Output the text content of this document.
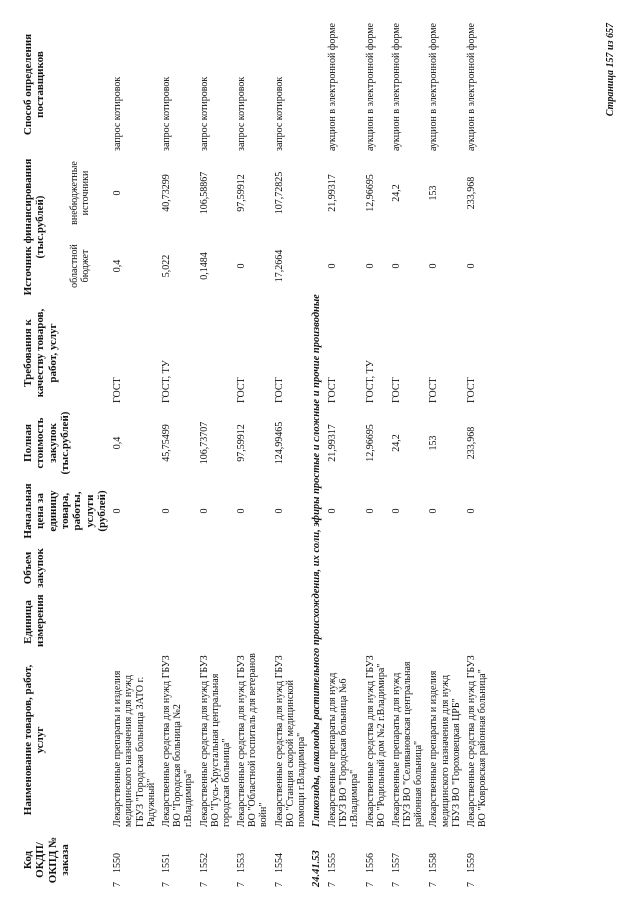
Код ОКДП/ ОКПД № заказа	Наименование товаров, работ, услуг	Единица измерения	Объем закупок	Начальная цена за единицу товара, работы, услуги (рублей)	Полная стоимость закупок (тыс.рублей)	Требования к качеству товаров, работ, услуг	Источник финансирования (тыс.рублей)		Способ определения поставщиков
							областной бюджет	внебюджетные источники	
71550	Лекарственные препараты и изделия медицинского назначения для нужд ГБУЗ "Городская больница ЗАТО г. Радужный"			0	0,4	ГОСТ	0,4	0	запрос котировок
71551	Лекарственные средства для нужд ГБУЗ ВО "Городская больница №2 г.Владимира"			0	45,75499	ГОСТ, ТУ	5,022	40,73299	запрос котировок
71552	Лекарственные средства для нужд ГБУЗ ВО "Гусь-Хрустальная центральная городская больница"			0	106,73707		0,1484	106,58867	запрос котировок
71553	Лекарственные средства для нужд ГБУЗ ВО "Областной госпиталь для ветеранов войн"			0	97,59912	ГОСТ	0	97,59912	запрос котировок
71554	Лекарственные средства для нужд ГБУЗ ВО "Станция скорой медицинской помощи г.Владимира"			0	124,99465	ГОСТ	17,2664	107,72825	запрос котировок
24.41.53	Гликозиды, алкалоиды растительного происхождения, их соли, эфиры простые и сложные и прочие производные								
71555	Лекарственные препараты для нужд ГБУЗ ВО "Городская больница №6 г.Владимира"			0	21,99317	ГОСТ	0	21,99317	аукцион в электронной форме
71556	Лекарственные средства для нужд ГБУЗ ВО "Родильный дом №2 г.Владимира"			0	12,96695	ГОСТ, ТУ	0	12,96695	аукцион в электронной форме
71557	Лекарственные препараты для нужд ГБУЗ ВО "Селивановская центральная районная больница"			0	24,2	ГОСТ	0	24,2	аукцион в электронной форме
71558	Лекарственные препараты и изделия медицинского назначения для нужд ГБУЗ ВО "Гороховецкая ЦРБ"			0	153	ГОСТ	0	153	аукцион в электронной форме
71559	Лекарственные средства для нужд ГБУЗ ВО "Ковровская районная больница"			0	233,968	ГОСТ	0	233,968	аукцион в электронной форме	Страница 157 из 657
